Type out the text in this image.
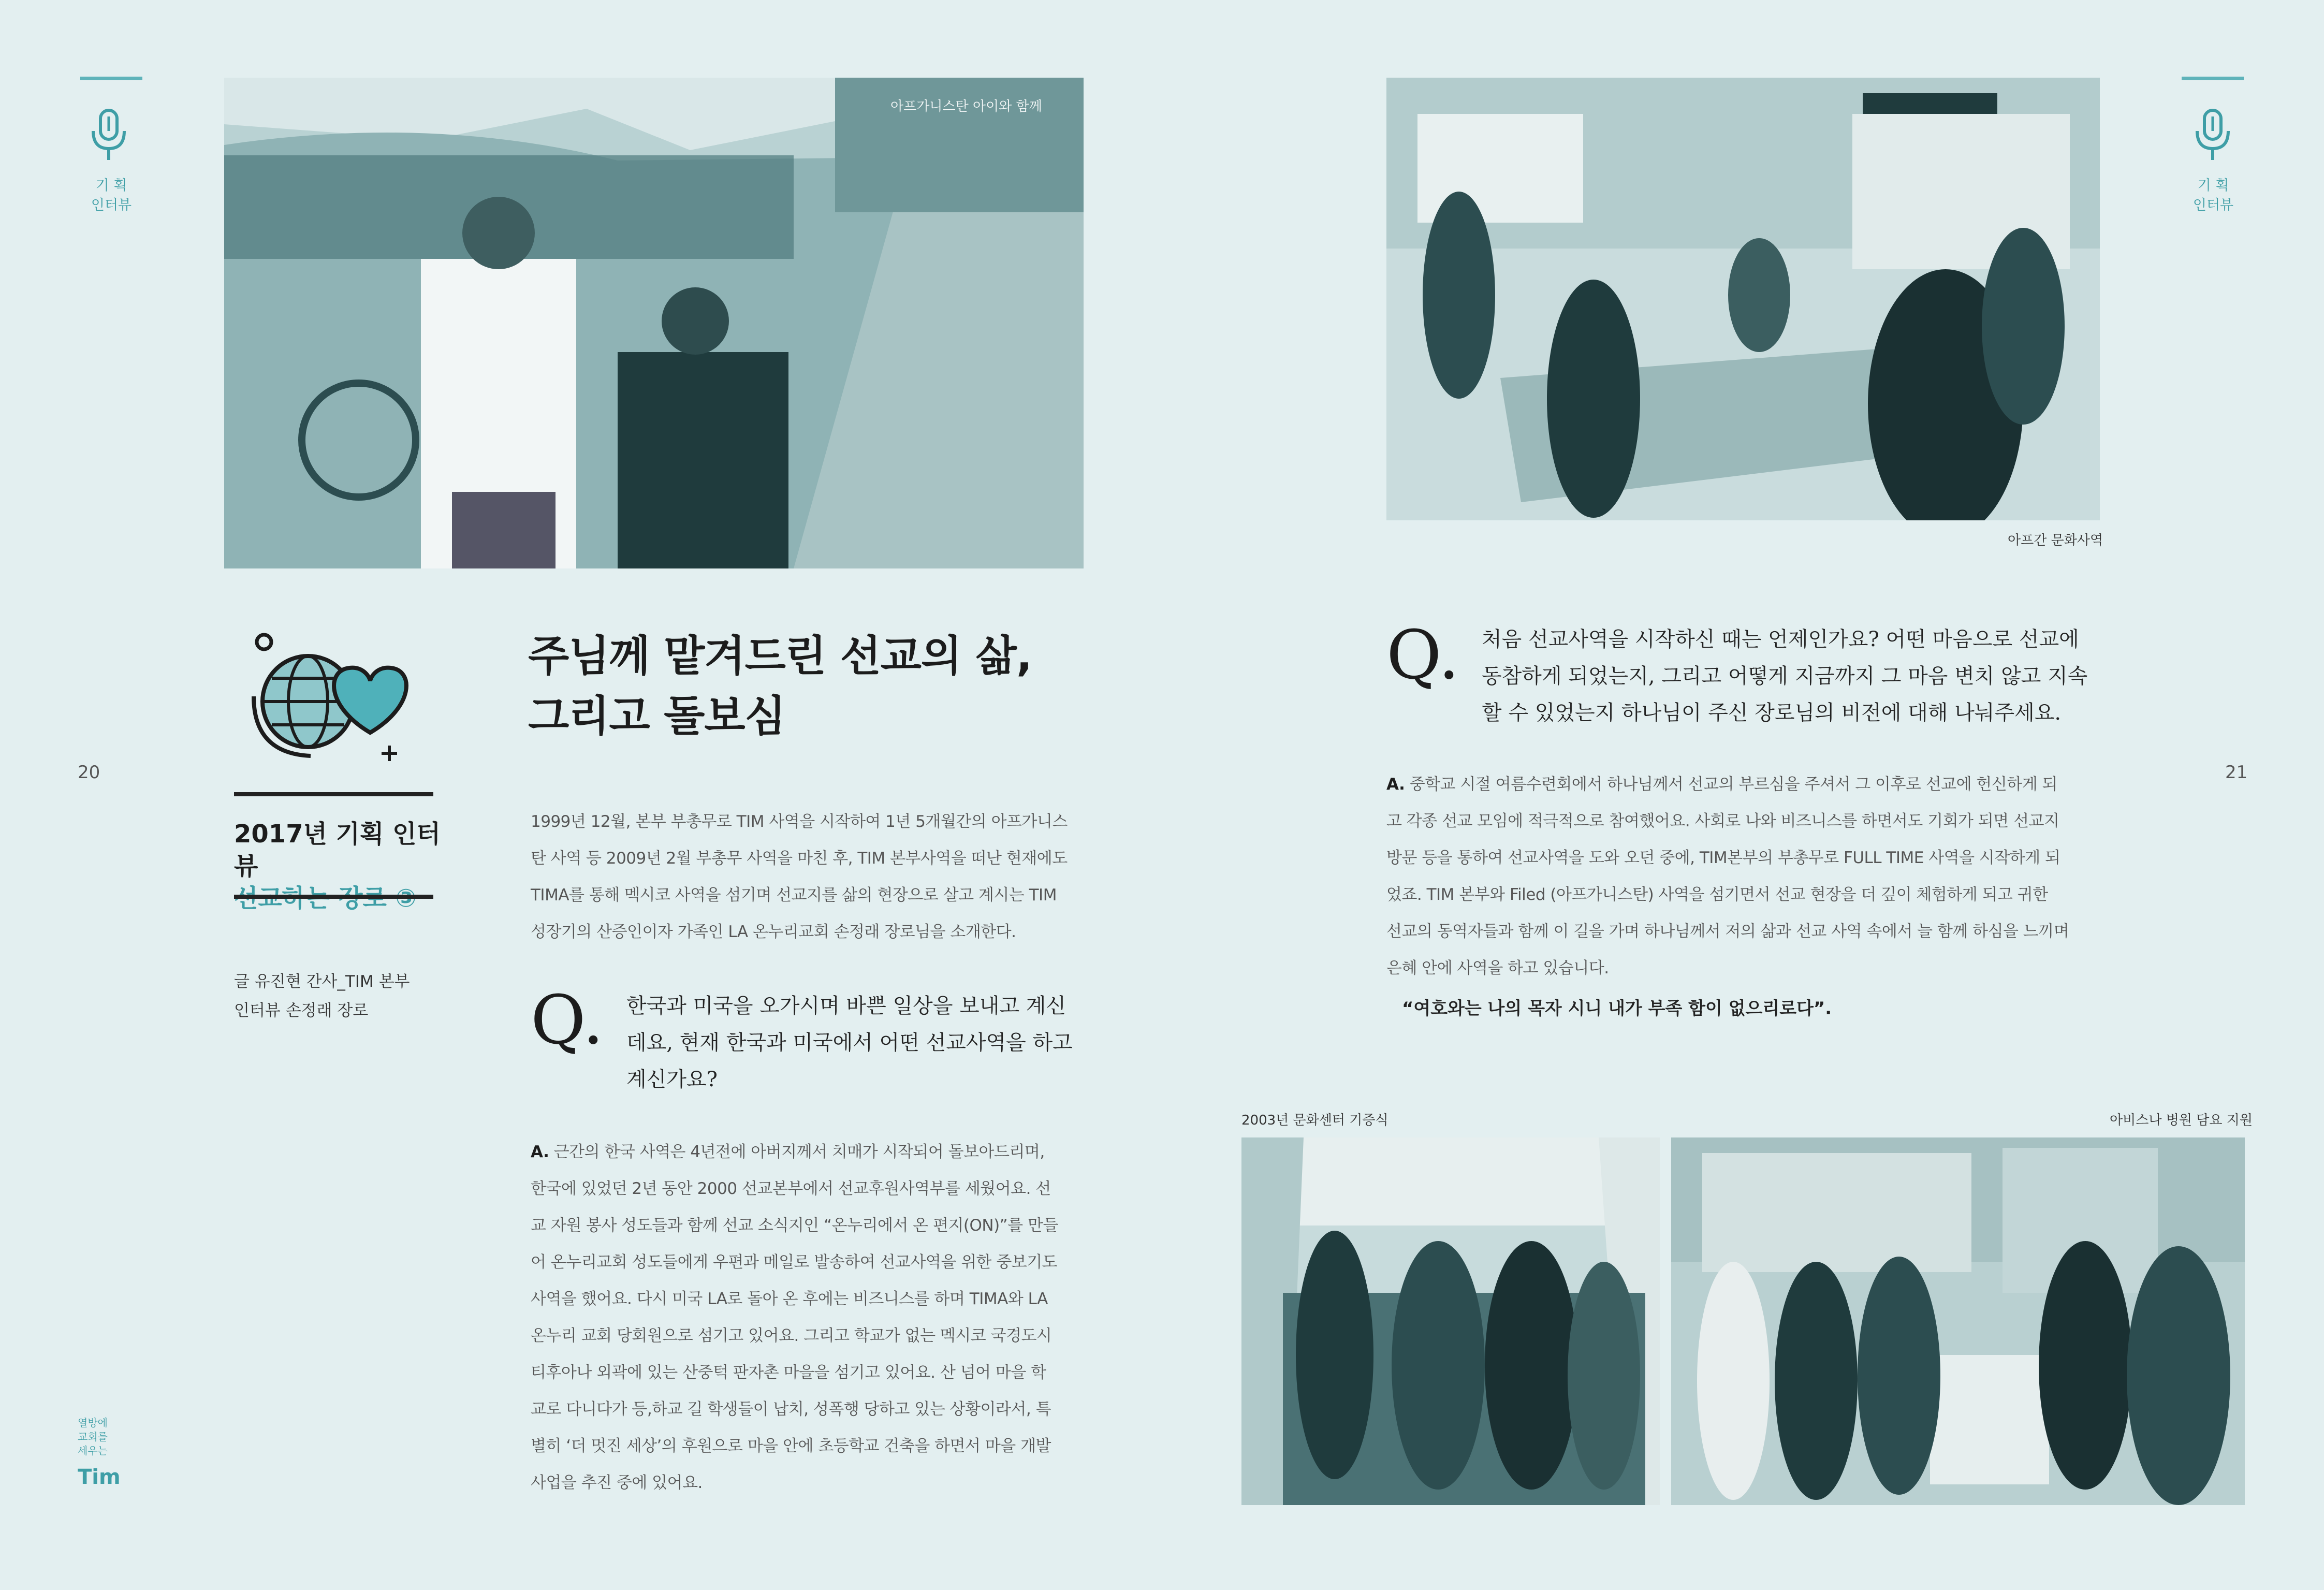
기 획
인터뷰
20
아프가니스탄 아이와 함께
2017년 기획 인터뷰
글 유진현 간사_TIM 본부
인터뷰 손정래 장로
주님께 맡겨드린 선교의 삶,
그리고 돌보심
1999년 12월, 본부 부총무로 TIM 사역을 시작하여 1년 5개월간의 아프가니스
탄 사역 등 2009년 2월 부총무 사역을 마친 후, TIM 본부사역을 떠난 현재에도
TIMA를 통해 멕시코 사역을 섬기며 선교지를 삶의 현장으로 살고 계시는 TIM
성장기의 산증인이자 가족인 LA 온누리교회 손정래 장로님을 소개한다.
Q. 한국과 미국을 오가시며 바쁜 일상을 보내고 계신
데요, 현재 한국과 미국에서 어떤 선교사역을 하고
계신가요?
A. 근간의 한국 사역은 4년전에 아버지께서 치매가 시작되어 돌보아드리며,
한국에 있었던 2년 동안 2000 선교본부에서 선교후원사역부를 세웠어요. 선
교 자원 봉사 성도들과 함께 선교 소식지인 “온누리에서 온 편지(ON)”를 만들
어 온누리교회 성도들에게 우편과 메일로 발송하여 선교사역을 위한 중보기도
사역을 했어요. 다시 미국 LA로 돌아 온 후에는 비즈니스를 하며 TIMA와 LA
온누리 교회 당회원으로 섬기고 있어요. 그리고 학교가 없는 멕시코 국경도시
티후아나 외곽에 있는 산중턱 판자촌 마을을 섬기고 있어요. 산 넘어 마을 학
교로 다니다가 등,하교 길 학생들이 납치, 성폭행 당하고 있는 상황이라서, 특
별히 ‘더 멋진 세상’의 후원으로 마을 안에 초등학교 건축을 하면서 마을 개발
사업을 추진 중에 있어요.
열방에
교회를
세우는
Tim
아프간 문화사역
기 획
인터뷰
21
Q. 처음 선교사역을 시작하신 때는 언제인가요? 어떤 마음으로 선교에
동참하게 되었는지, 그리고 어떻게 지금까지 그 마음 변치 않고 지속
할 수 있었는지 하나님이 주신 장로님의 비전에 대해 나눠주세요.
A. 중학교 시절 여름수련회에서 하나님께서 선교의 부르심을 주셔서 그 이후로 선교에 헌신하게 되
고 각종 선교 모임에 적극적으로 참여했어요. 사회로 나와 비즈니스를 하면서도 기회가 되면 선교지
방문 등을 통하여 선교사역을 도와 오던 중에, TIM본부의 부총무로 FULL TIME 사역을 시작하게 되
었죠. TIM 본부와 Filed (아프가니스탄) 사역을 섬기면서 선교 현장을 더 깊이 체험하게 되고 귀한
선교의 동역자들과 함께 이 길을 가며 하나님께서 저의 삶과 선교 사역 속에서 늘 함께 하심을 느끼며
은혜 안에 사역을 하고 있습니다.
“여호와는 나의 목자 시니 내가 부족 함이 없으리로다”.
2003년 문화센터 기증식	아비스나 병원 담요 지원
